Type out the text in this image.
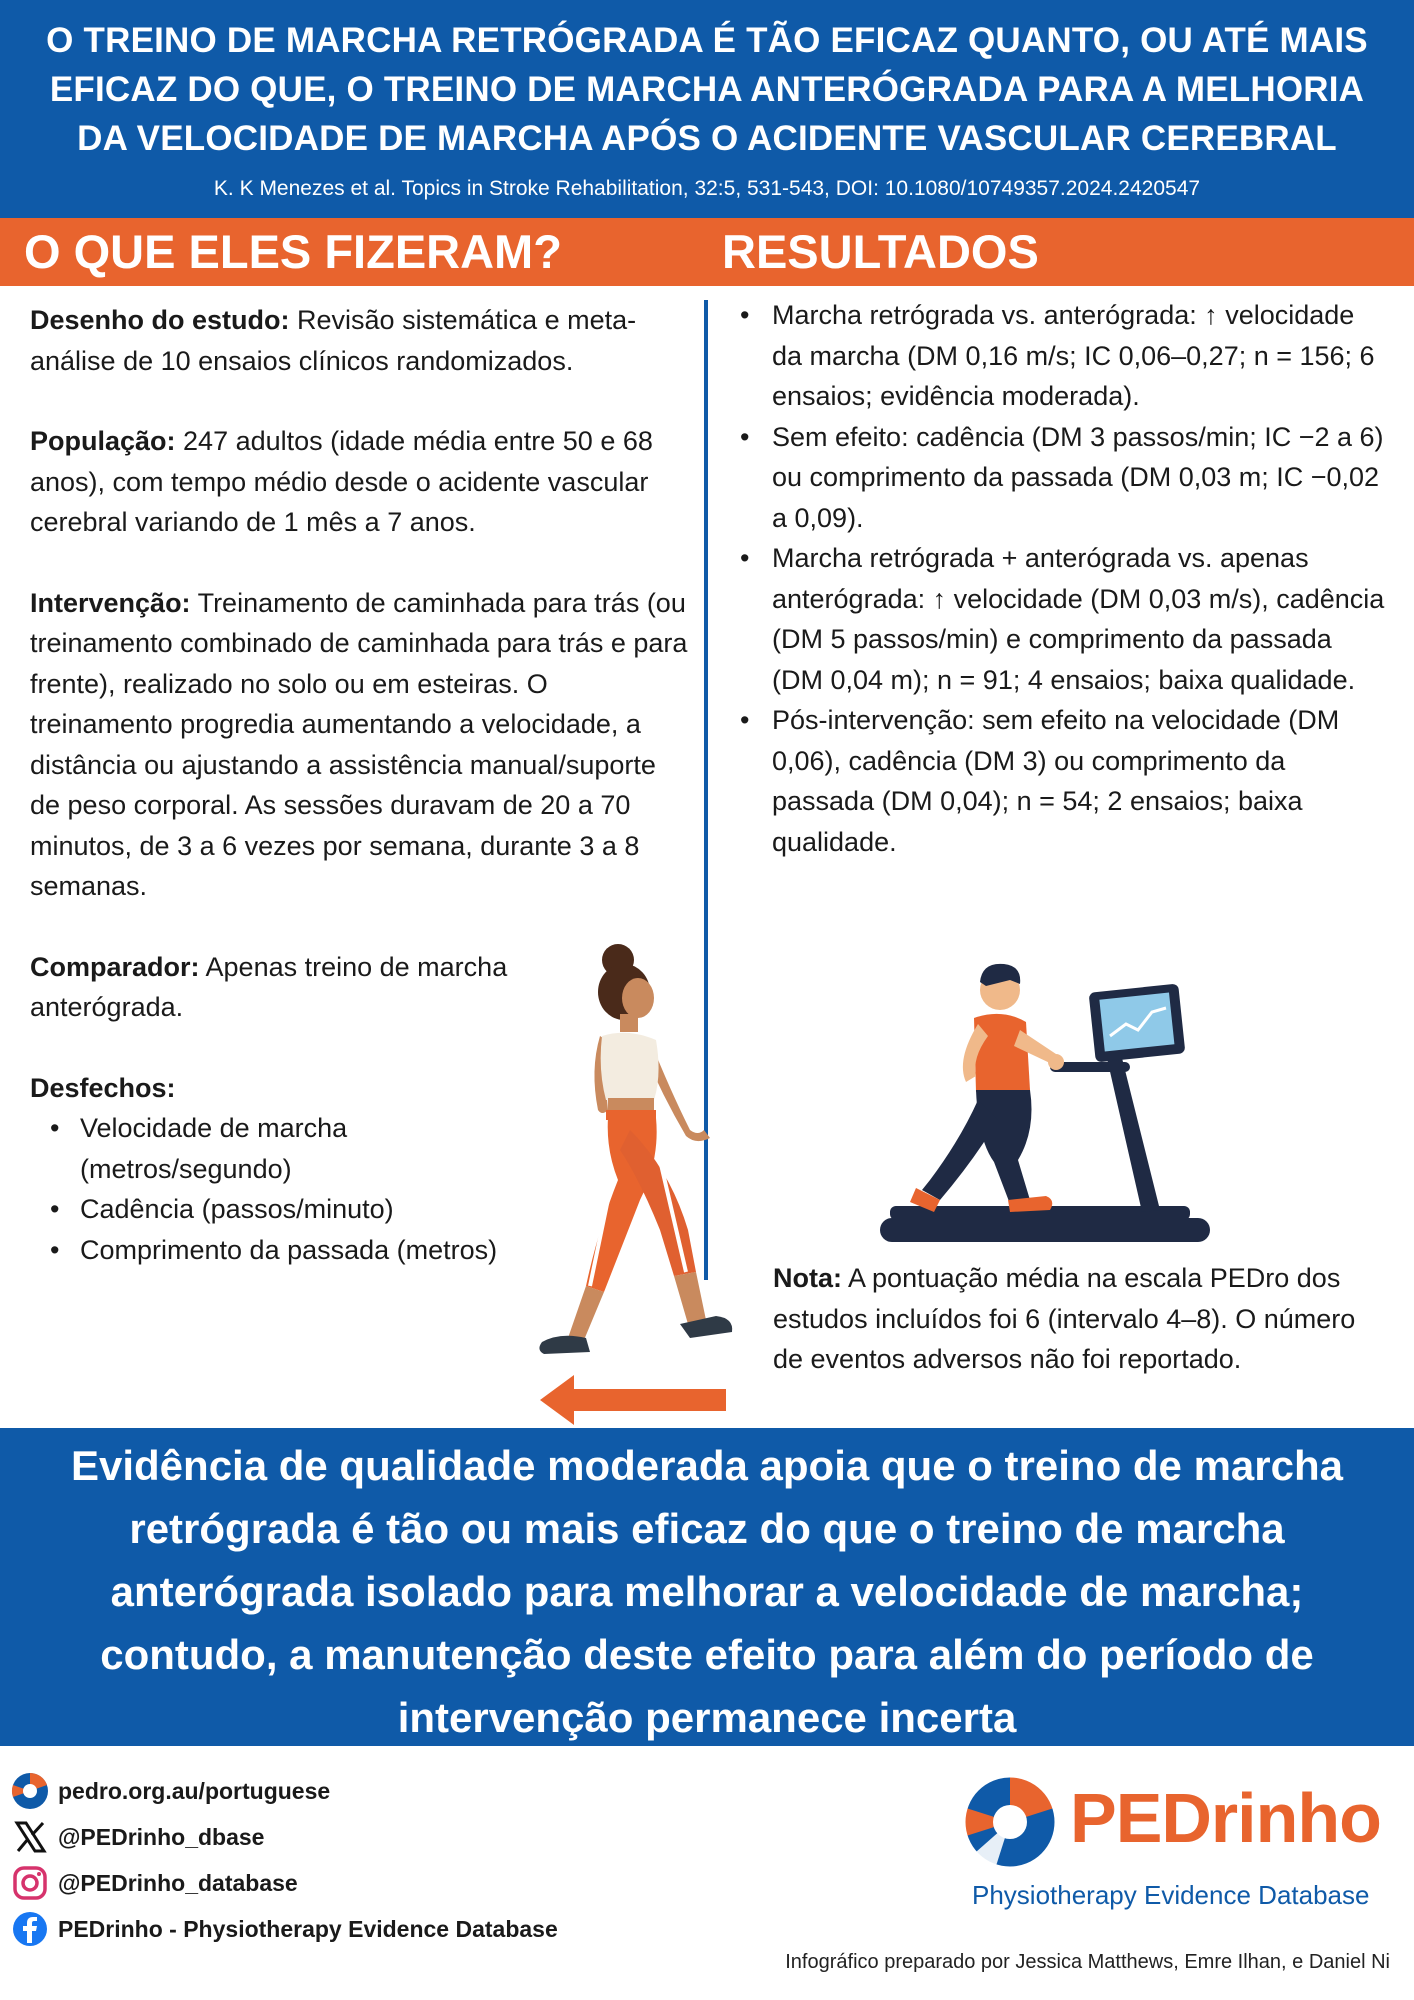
O TREINO DE MARCHA RETRÓGRADA É TÃO EFICAZ QUANTO, OU ATÉ MAIS EFICAZ DO QUE, O TREINO DE MARCHA ANTERÓGRADA PARA A MELHORIA DA VELOCIDADE DE MARCHA APÓS O ACIDENTE VASCULAR CEREBRAL
K. K Menezes et al. Topics in Stroke Rehabilitation, 32:5, 531-543, DOI: 10.1080/10749357.2024.2420547
O QUE ELES FIZERAM?	RESULTADOS
Desenho do estudo: Revisão sistemática e meta-análise de 10 ensaios clínicos randomizados.
População: 247 adultos (idade média entre 50 e 68 anos), com tempo médio desde o acidente vascular cerebral variando de 1 mês a 7 anos.
Intervenção: Treinamento de caminhada para trás (ou treinamento combinado de caminhada para trás e para frente), realizado no solo ou em esteiras. O treinamento progredia aumentando a velocidade, a distância ou ajustando a assistência manual/suporte de peso corporal. As sessões duravam de 20 a 70 minutos, de 3 a 6 vezes por semana, durante 3 a 8 semanas.
Comparador: Apenas treino de marcha anterógrada.
Desfechos:
• Velocidade de marcha (metros/segundo)
• Cadência (passos/minuto)
• Comprimento da passada (metros)
• Marcha retrógrada vs. anterógrada: ↑ velocidade da marcha (DM 0,16 m/s; IC 0,06–0,27; n = 156; 6 ensaios; evidência moderada).
• Sem efeito: cadência (DM 3 passos/min; IC −2 a 6) ou comprimento da passada (DM 0,03 m; IC −0,02 a 0,09).
• Marcha retrógrada + anterógrada vs. apenas anterógrada: ↑ velocidade (DM 0,03 m/s), cadência (DM 5 passos/min) e comprimento da passada (DM 0,04 m); n = 91; 4 ensaios; baixa qualidade.
• Pós-intervenção: sem efeito na velocidade (DM 0,06), cadência (DM 3) ou comprimento da passada (DM 0,04); n = 54; 2 ensaios; baixa qualidade.
Nota: A pontuação média na escala PEDro dos estudos incluídos foi 6 (intervalo 4–8). O número de eventos adversos não foi reportado.
Evidência de qualidade moderada apoia que o treino de marcha retrógrada é tão ou mais eficaz do que o treino de marcha anterógrada isolado para melhorar a velocidade de marcha; contudo, a manutenção deste efeito para além do período de intervenção permanece incerta
pedro.org.au/portuguese
@PEDrinho_dbase
@PEDrinho_database
PEDrinho - Physiotherapy Evidence Database
PEDrinho
Physiotherapy Evidence Database
Infográfico preparado por Jessica Matthews, Emre Ilhan, e Daniel Ni
